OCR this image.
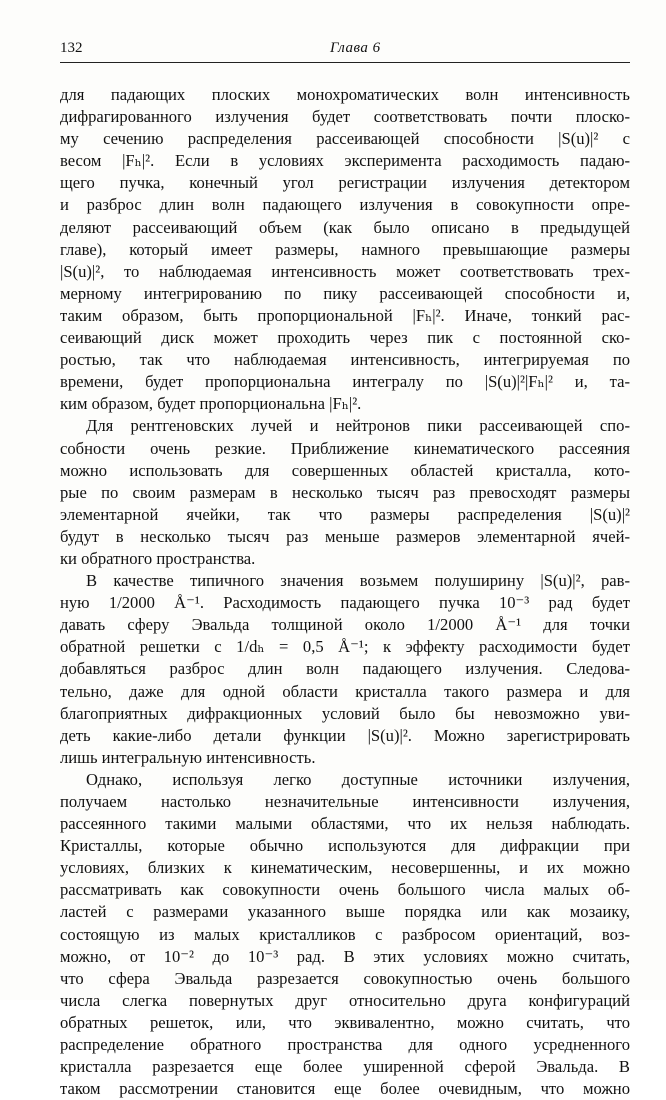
132	Глава 6

для падающих плоских монохроматических волн интенсивность
дифрагированного излучения будет соответствовать почти плоско-
му сечению распределения рассеивающей способности |S(u)|² с
весом |Fₕ|². Если в условиях эксперимента расходимость падаю-
щего пучка, конечный угол регистрации излучения детектором
и разброс длин волн падающего излучения в совокупности опре-
деляют рассеивающий объем (как было описано в предыдущей
главе), который имеет размеры, намного превышающие размеры
|S(u)|², то наблюдаемая интенсивность может соответствовать трех-
мерному интегрированию по пику рассеивающей способности и,
таким образом, быть пропорциональной |Fₕ|². Иначе, тонкий рас-
сеивающий диск может проходить через пик с постоянной ско-
ростью, так что наблюдаемая интенсивность, интегрируемая по
времени, будет пропорциональна интегралу по |S(u)|²|Fₕ|² и, та-
ким образом, будет пропорциональна |Fₕ|².

Для рентгеновских лучей и нейтронов пики рассеивающей спо-
собности очень резкие. Приближение кинематического рассеяния
можно использовать для совершенных областей кристалла, кото-
рые по своим размерам в несколько тысяч раз превосходят размеры
элементарной ячейки, так что размеры распределения |S(u)|²
будут в несколько тысяч раз меньше размеров элементарной ячей-
ки обратного пространства.

В качестве типичного значения возьмем полуширину |S(u)|², рав-
ную 1/2000 Å⁻¹. Расходимость падающего пучка 10⁻³ рад будет
давать сферу Эвальда толщиной около 1/2000 Å⁻¹ для точки
обратной решетки с 1/dₕ = 0,5 Å⁻¹; к эффекту расходимости будет
добавляться разброс длин волн падающего излучения. Следова-
тельно, даже для одной области кристалла такого размера и для
благоприятных дифракционных условий было бы невозможно уви-
деть какие-либо детали функции |S(u)|². Можно зарегистрировать
лишь интегральную интенсивность.

Однако, используя легко доступные источники излучения,
получаем настолько незначительные интенсивности излучения,
рассеянного такими малыми областями, что их нельзя наблюдать.
Кристаллы, которые обычно используются для дифракции при
условиях, близких к кинематическим, несовершенны, и их можно
рассматривать как совокупности очень большого числа малых об-
ластей с размерами указанного выше порядка или как мозаику,
состоящую из малых кристалликов с разбросом ориентаций, воз-
можно, от 10⁻² до 10⁻³ рад. В этих условиях можно считать,
что сфера Эвальда разрезается совокупностью очень большого
числа слегка повернутых друг относительно друга конфигураций
обратных решеток, или, что эквивалентно, можно считать, что
распределение обратного пространства для одного усредненного
кристалла разрезается еще более уширенной сферой Эвальда. В
таком рассмотрении становится еще более очевидным, что можно
